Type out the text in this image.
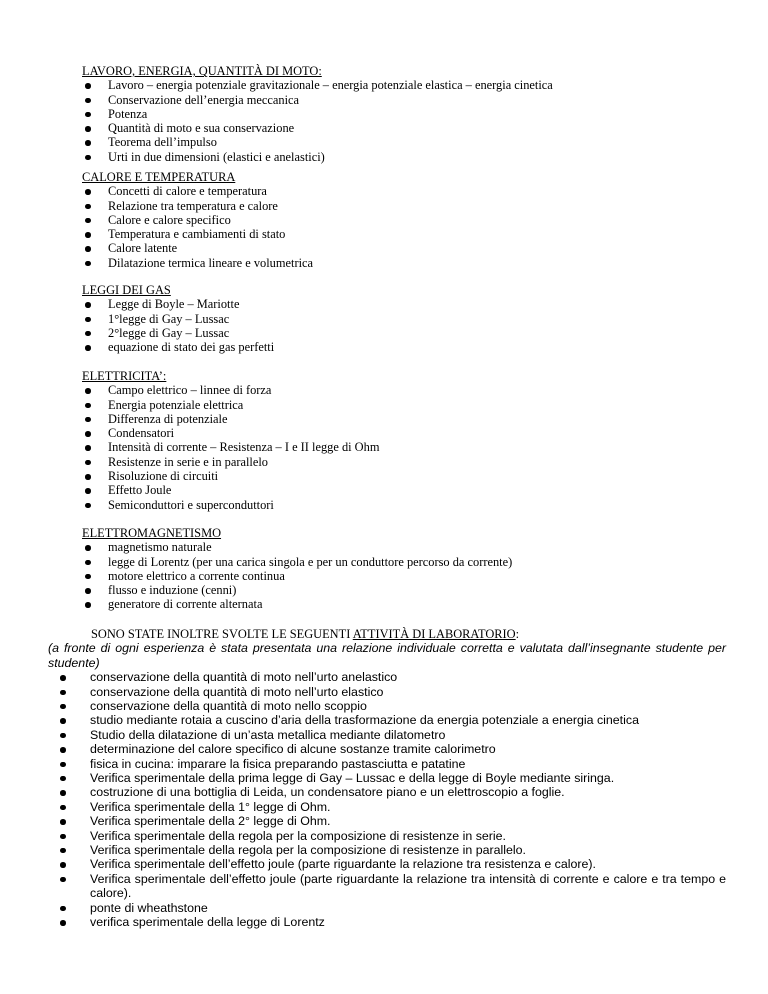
LAVORO, ENERGIA, QUANTITÀ DI MOTO:
Lavoro – energia potenziale gravitazionale – energia potenziale elastica – energia cinetica
Conservazione dell’energia meccanica
Potenza
Quantità di moto e sua conservazione
Teorema dell’impulso
Urti in due dimensioni (elastici e anelastici)
CALORE E TEMPERATURA
Concetti di calore e temperatura
Relazione tra temperatura e calore
Calore e calore specifico
Temperatura e cambiamenti di stato
Calore latente
Dilatazione termica lineare e volumetrica
LEGGI DEI GAS
Legge di Boyle – Mariotte
1°legge di Gay – Lussac
2°legge di Gay – Lussac
equazione di stato dei gas perfetti
ELETTRICITA’:
Campo elettrico – linnee di forza
Energia potenziale elettrica
Differenza di potenziale
Condensatori
Intensità di corrente – Resistenza – I e II legge di Ohm
Resistenze in serie e in parallelo
Risoluzione di circuiti
Effetto Joule
Semiconduttori e superconduttori
ELETTROMAGNETISMO
magnetismo naturale
legge di Lorentz (per una carica singola e per un conduttore percorso da corrente)
motore elettrico a corrente continua
flusso e induzione (cenni)
generatore di corrente alternata
SONO STATE INOLTRE SVOLTE LE SEGUENTI ATTIVITÀ DI LABORATORIO:
(a fronte di ogni esperienza è stata presentata una relazione individuale corretta e valutata dall’insegnante studente per studente)
conservazione della quantità di moto nell’urto anelastico
conservazione della quantità di moto nell’urto elastico
conservazione della quantità di moto nello scoppio
studio mediante rotaia a cuscino d’aria della trasformazione da energia potenziale a energia cinetica
Studio della dilatazione di un’asta metallica mediante dilatometro
determinazione del calore specifico di alcune sostanze tramite calorimetro
fisica in cucina: imparare la fisica preparando pastasciutta e patatine
Verifica sperimentale della prima legge di Gay – Lussac e della legge di Boyle mediante siringa.
costruzione di una bottiglia di Leida, un condensatore piano e un elettroscopio a foglie.
Verifica sperimentale della 1° legge di Ohm.
Verifica sperimentale della 2° legge di Ohm.
Verifica sperimentale della regola per la composizione di resistenze in serie.
Verifica sperimentale della regola per la composizione di resistenze in parallelo.
Verifica sperimentale dell’effetto joule (parte riguardante la relazione tra resistenza e calore).
Verifica sperimentale dell’effetto joule (parte riguardante la relazione tra intensità di corrente e calore e tra tempo e calore).
ponte di wheathstone
verifica sperimentale della legge di Lorentz
